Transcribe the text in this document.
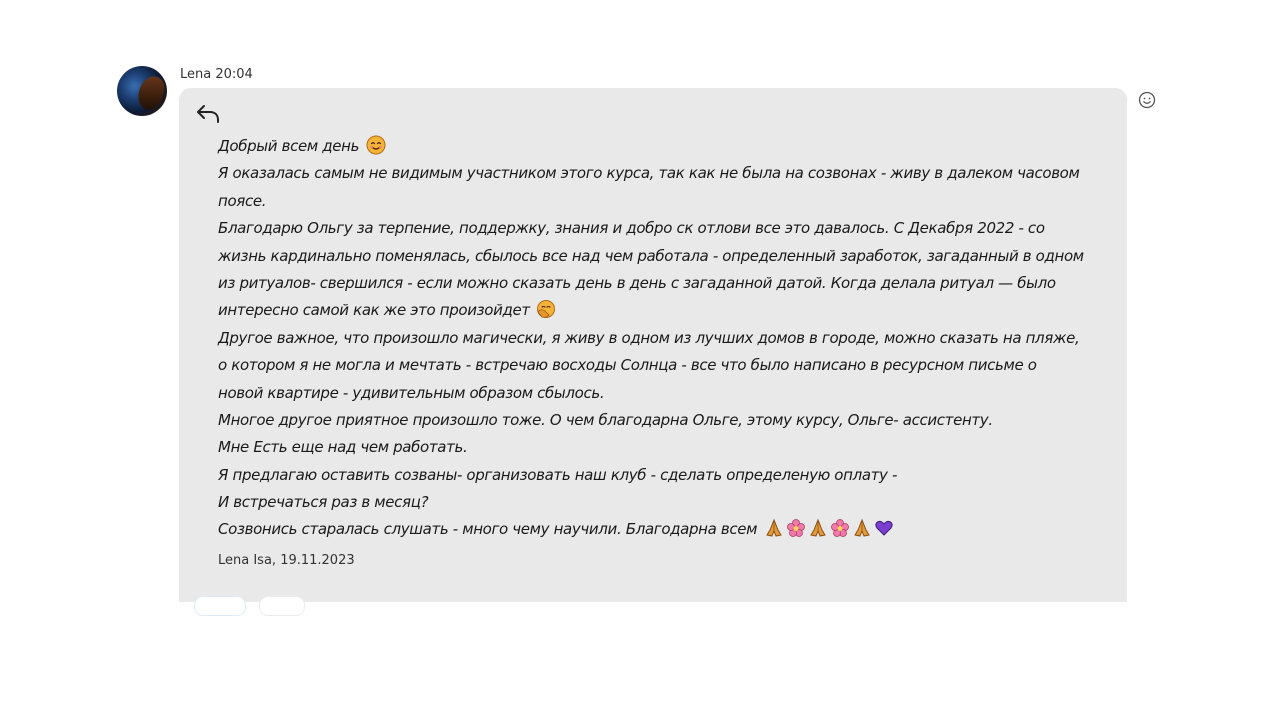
Lena 20:04
Добрый всем день
Я оказалась самым не видимым участником этого курса, так как не была на созвонах - живу в далеком часовом
поясе.
Благодарю Ольгу за терпение, поддержку, знания и добро ск отлови все это давалось. С Декабря 2022 - со
жизнь кардинально поменялась, сбылось все над чем работала - определенный заработок, загаданный в одном
из ритуалов- свершился - если можно сказать день в день с загаданной датой. Когда делала ритуал — было
интересно самой как же это произойдет
Другое важное, что произошло магически, я живу в одном из лучших домов в городе, можно сказать на пляже,
о котором я не могла и мечтать - встречаю восходы Солнца - все что было написано в ресурсном письме о
новой квартире - удивительным образом сбылось.
Многое другое приятное произошло тоже. О чем благодарна Ольге, этому курсу, Ольге- ассистенту.
Мне Есть еще над чем работать.
Я предлагаю оставить созваны- организовать наш клуб - сделать определеную оплату -
И встречаться раз в месяц?
Созвонись старалась слушать - много чему научили. Благодарна всем
Lena Isa, 19.11.2023
